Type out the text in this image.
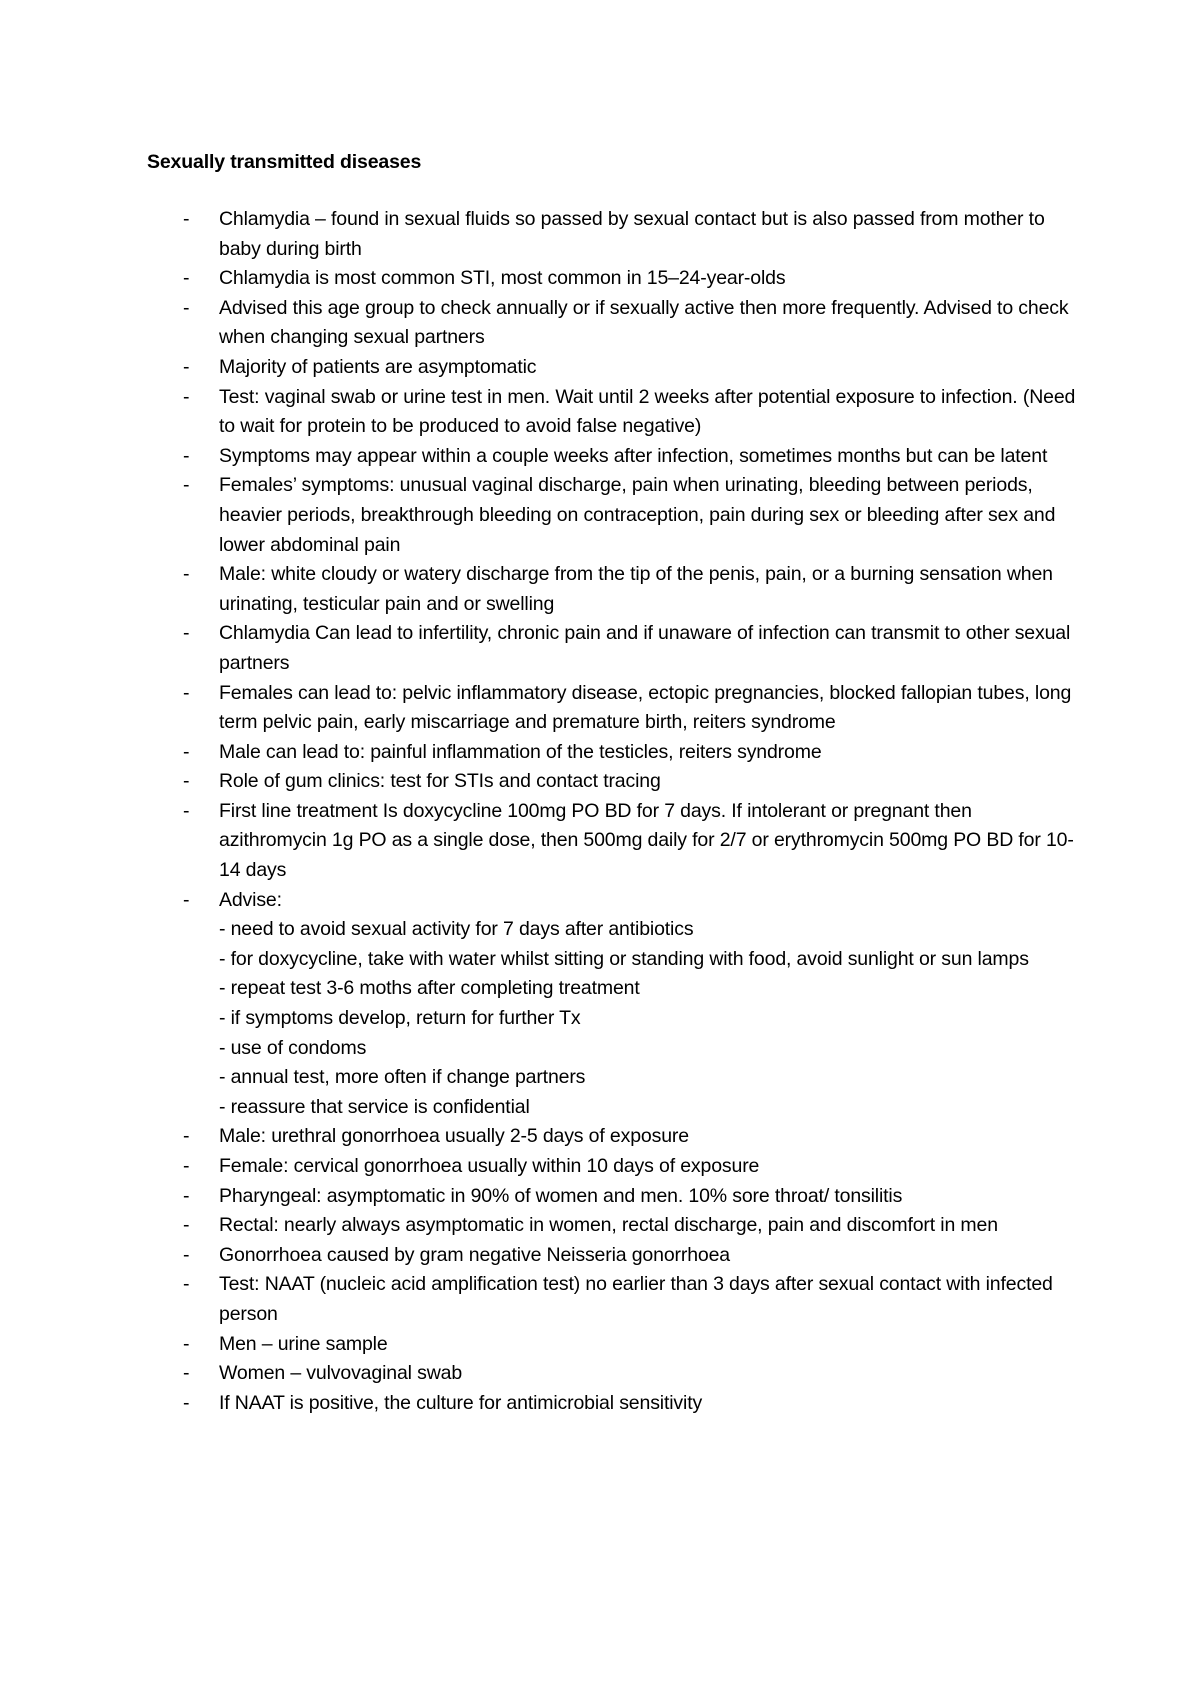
Sexually transmitted diseases
-	Chlamydia – found in sexual fluids so passed by sexual contact but is also passed from mother to baby during birth
-	Chlamydia is most common STI, most common in 15–24-year-olds
-	Advised this age group to check annually or if sexually active then more frequently. Advised to check when changing sexual partners
-	Majority of patients are asymptomatic
-	Test: vaginal swab or urine test in men. Wait until 2 weeks after potential exposure to infection. (Need to wait for protein to be produced to avoid false negative)
-	Symptoms may appear within a couple weeks after infection, sometimes months but can be latent
-	Females’ symptoms: unusual vaginal discharge, pain when urinating, bleeding between periods, heavier periods, breakthrough bleeding on contraception, pain during sex or bleeding after sex and lower abdominal pain
-	Male: white cloudy or watery discharge from the tip of the penis, pain, or a burning sensation when urinating, testicular pain and or swelling
-	Chlamydia Can lead to infertility, chronic pain and if unaware of infection can transmit to other sexual partners
-	Females can lead to: pelvic inflammatory disease, ectopic pregnancies, blocked fallopian tubes, long term pelvic pain, early miscarriage and premature birth, reiters syndrome
-	Male can lead to: painful inflammation of the testicles, reiters syndrome
-	Role of gum clinics: test for STIs and contact tracing
-	First line treatment Is doxycycline 100mg PO BD for 7 days. If intolerant or pregnant then azithromycin 1g PO as a single dose, then 500mg daily for 2/7 or erythromycin 500mg PO BD for 10-14 days
-	Advise:
- need to avoid sexual activity for 7 days after antibiotics
- for doxycycline, take with water whilst sitting or standing with food, avoid sunlight or sun lamps
- repeat test 3-6 moths after completing treatment
- if symptoms develop, return for further Tx
- use of condoms
- annual test, more often if change partners
- reassure that service is confidential
-	Male: urethral gonorrhoea usually 2-5 days of exposure
-	Female: cervical gonorrhoea usually within 10 days of exposure
-	Pharyngeal: asymptomatic in 90% of women and men. 10% sore throat/ tonsilitis
-	Rectal: nearly always asymptomatic in women, rectal discharge, pain and discomfort in men
-	Gonorrhoea caused by gram negative Neisseria gonorrhoea
-	Test: NAAT (nucleic acid amplification test) no earlier than 3 days after sexual contact with infected person
-	Men – urine sample
-	Women – vulvovaginal swab
-	If NAAT is positive, the culture for antimicrobial sensitivity
